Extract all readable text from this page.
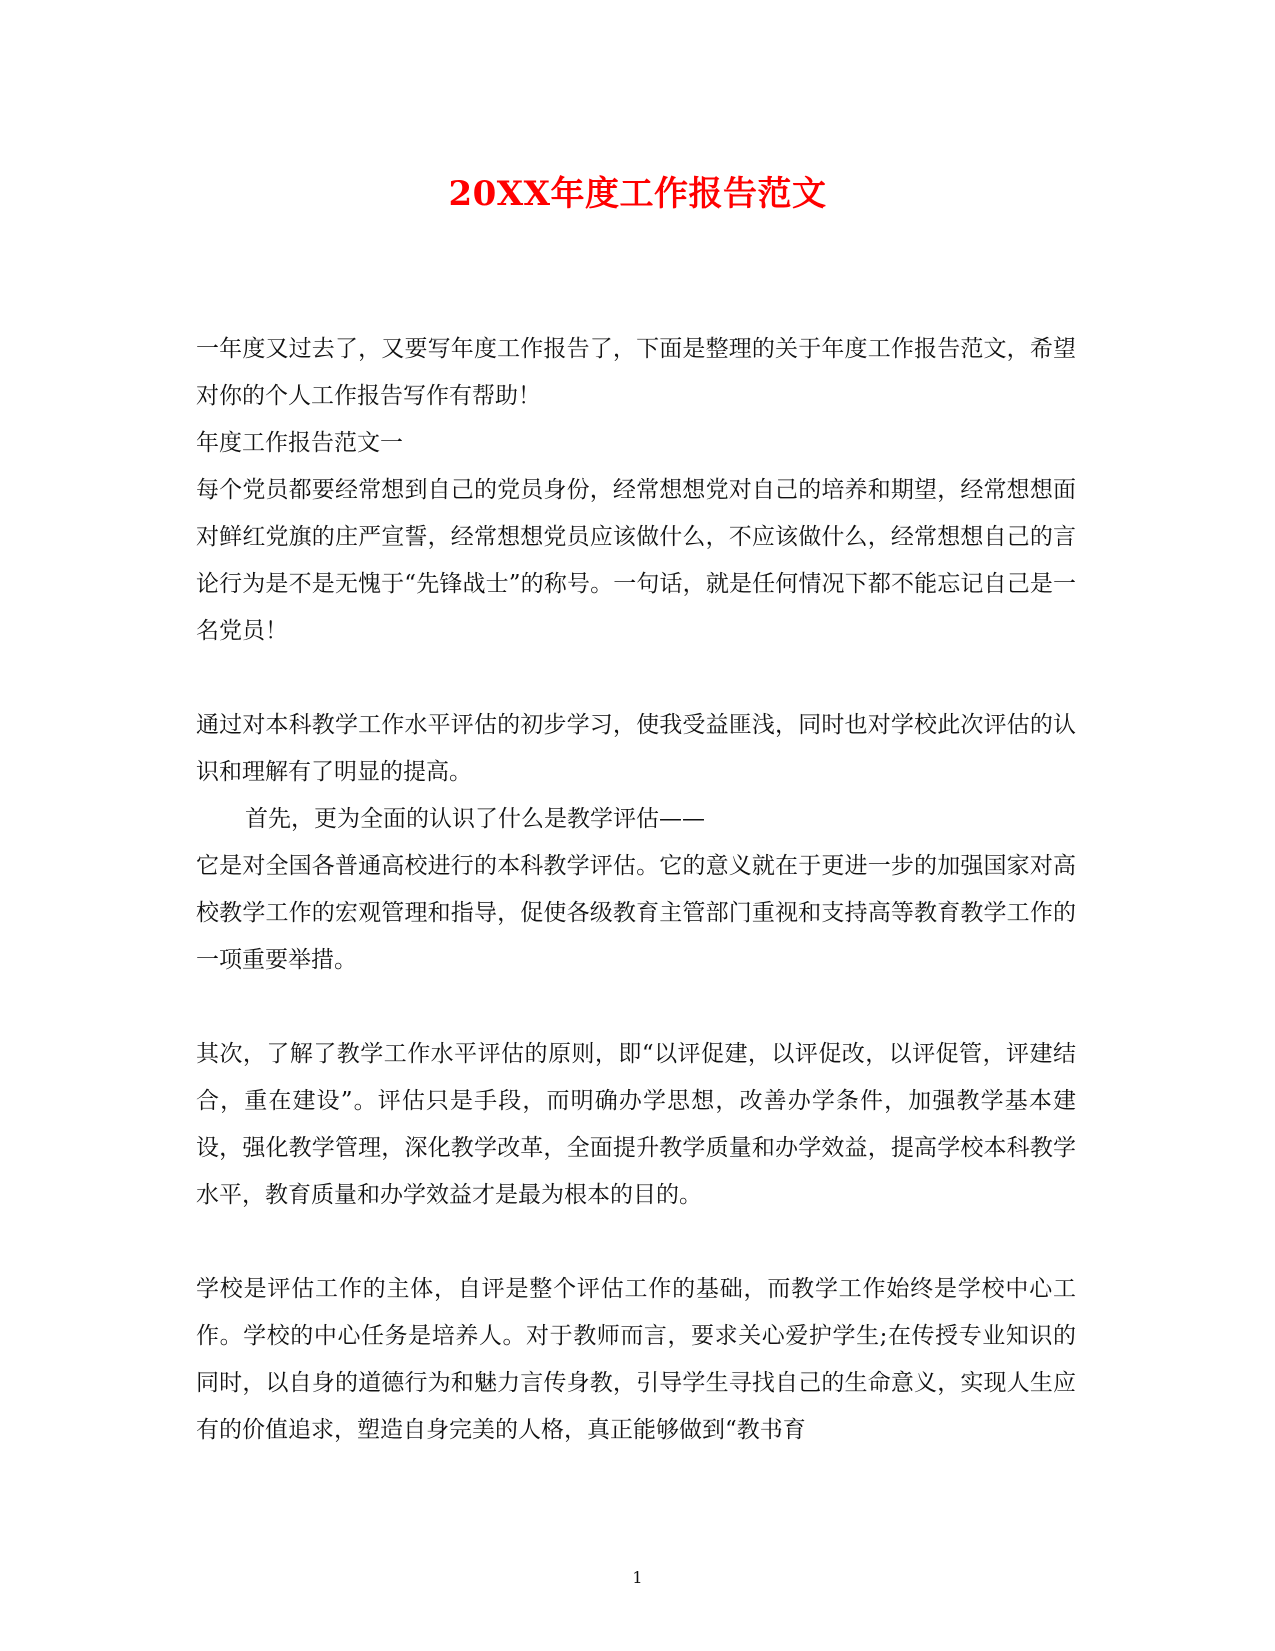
20XX年度工作报告范文

一年度又过去了，又要写年度工作报告了，下面是整理的关于年度工作报告范文，希望对你的个人工作报告写作有帮助！

年度工作报告范文一

每个党员都要经常想到自己的党员身份，经常想想党对自己的培养和期望，经常想想面对鲜红党旗的庄严宣誓，经常想想党员应该做什么，不应该做什么，经常想想自己的言论行为是不是无愧于“先锋战士”的称号。一句话，就是任何情况下都不能忘记自己是一名党员！

通过对本科教学工作水平评估的初步学习，使我受益匪浅，同时也对学校此次评估的认识和理解有了明显的提高。

首先，更为全面的认识了什么是教学评估——

它是对全国各普通高校进行的本科教学评估。它的意义就在于更进一步的加强国家对高校教学工作的宏观管理和指导，促使各级教育主管部门重视和支持高等教育教学工作的一项重要举措。

其次，了解了教学工作水平评估的原则，即“以评促建，以评促改，以评促管，评建结合，重在建设”。评估只是手段，而明确办学思想，改善办学条件，加强教学基本建设，强化教学管理，深化教学改革，全面提升教学质量和办学效益，提高学校本科教学水平，教育质量和办学效益才是最为根本的目的。

学校是评估工作的主体，自评是整个评估工作的基础，而教学工作始终是学校中心工作。学校的中心任务是培养人。对于教师而言，要求关心爱护学生;在传授专业知识的同时，以自身的道德行为和魅力言传身教，引导学生寻找自己的生命意义，实现人生应有的价值追求，塑造自身完美的人格，真正能够做到“教书育

1
